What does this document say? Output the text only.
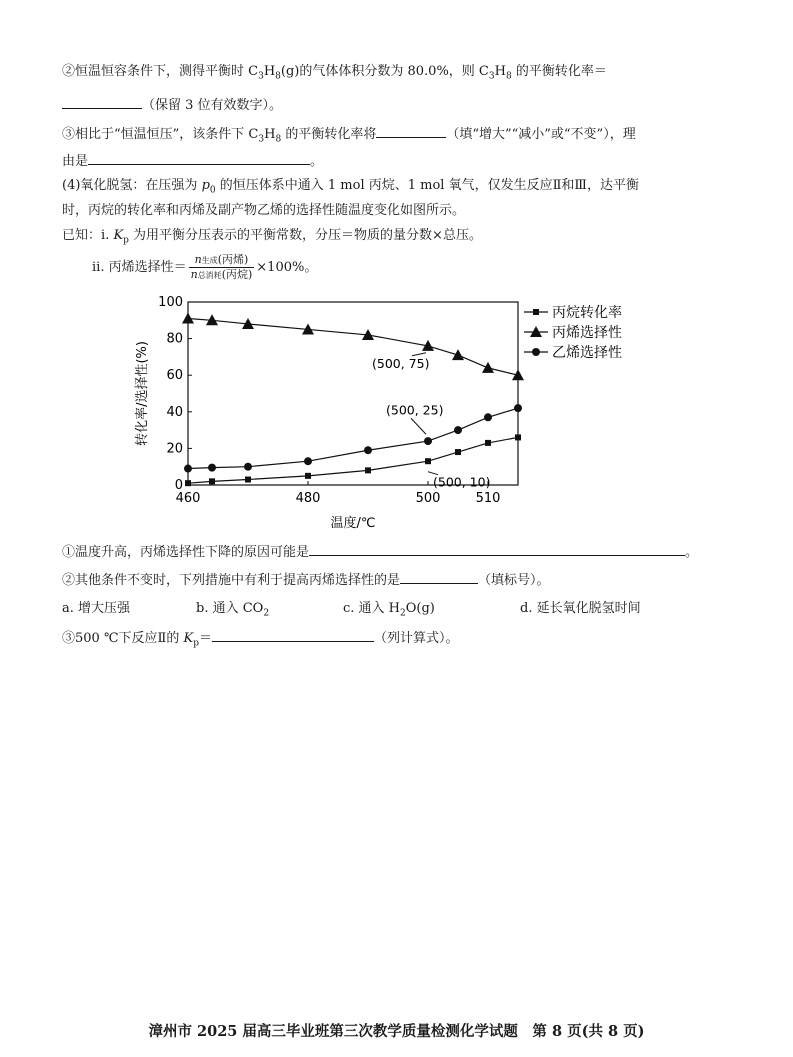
②恒温恒容条件下，测得平衡时 $C_3H_8(g)$的气体体积分数为 80.0%，则 $C_3H_8$ 的平衡转化率＝
（保留 3 位有效数字）。
③相比于“恒温恒压”，该条件下 $C_3H_8$ 的平衡转化率将	（填“增大”“减小”或“不变”），理
由是	。
(4)氧化脱氢：在压强为 $p_0$ 的恒压体系中通入 1 mol 丙烷、1 mol 氧气，仅发生反应Ⅱ和Ⅲ，达平衡
时，丙烷的转化率和丙烯及副产物乙烯的选择性随温度变化如图所示。
已知：ⅰ. $K_p$ 为用平衡分压表示的平衡常数，分压＝物质的量分数×总压。
ⅱ. 丙烯选择性＝ $\frac{\text{n生成(丙烯)}}{\text{n总消耗(丙烷)}} \times 100\%$。
0
20
40
60
80
100
460	480	500	510
温度/℃
转化率/选择性(%)
丙烷转化率
丙烯选择性
乙烯选择性
(500, 75)
(500, 25)
(500, 10)
①温度升高，丙烯选择性下降的原因可能是	。
②其他条件不变时，下列措施中有利于提高丙烯选择性的是	（填标号）。
a. 增大压强	b. 通入 $CO_2$	c. 通入 $H_2O(g)$	d. 延长氧化脱氢时间
③500 ℃下反应Ⅱ的 $K_p=$	（列计算式）。
漳州市 2025 届高三毕业班第三次教学质量检测化学试题　第 8 页(共 8 页)
